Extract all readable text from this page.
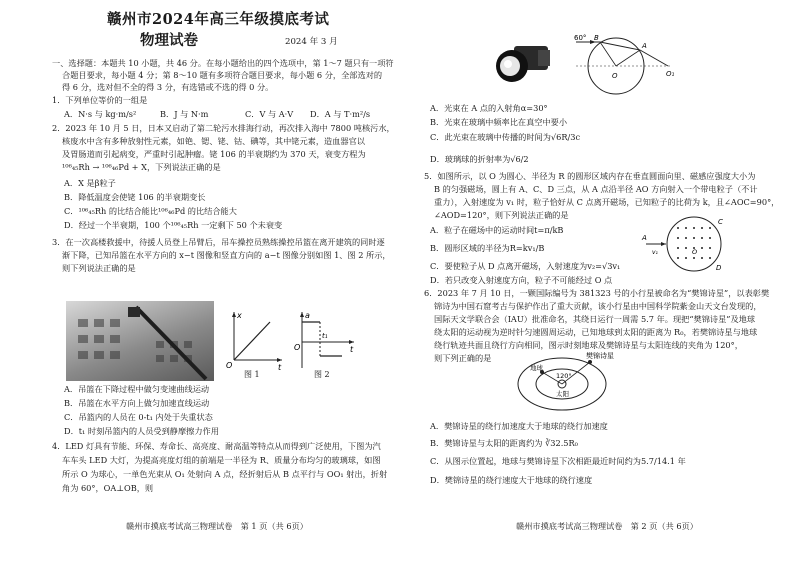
赣州市2024年高三年级摸底考试
物理试卷	2024 年 3 月

一、选择题：本题共 10 小题，共 46 分。在每小题给出的四个选项中，第 1～7 题只有一项符

合题目要求，每小题 4 分；第 8～10 题有多项符合题目要求，每小题 6 分，全部选对的

得 6 分，选对但不全的得 3 分，有选错或不选的得 0 分。

1．下列单位等价的一组是

A．N·s 与 kg·m/s²	B．J 与 N·m	C．V 与 A·V D．A 与 T·m²/s

2．2023 年 10 月 5 日，日本又启动了第二轮污水排海行动，再次排入海中 7800 吨核污水，

核废水中含有多种放射性元素，如铯、锶、铑、钴、碘等，其中铑元素，造血器官以

及胃肠道而引起病变，严重时引起肿瘤。铑 106 的半衰期约为 370 天，衰变方程为

¹⁰⁶₄₅Rh → ¹⁰⁶₄₆Pd + X，下列说法正确的是

A．X 是β粒子

B．降低温度会使铑 106 的半衰期变长

C．¹⁰⁶₄₅Rh 的比结合能比¹⁰⁶₄₆Pd 的比结合能大

D．经过一个半衰期，100 个¹⁰⁶₄₅Rh 一定剩下 50 个未衰变

3．在一次高楼救援中，待援人员登上吊臂后，吊车操控员熟练操控吊篮在离开建筑的同时逐

渐下降，已知吊篮在水平方向的 x−t 图像和竖直方向的 a−t 图像分别如图 1、图 2 所示，

则下列说法正确的是

x
t
O
图 1
a
t
O
t₁
图 2

A．吊篮在下降过程中做匀变速曲线运动

B．吊篮在水平方向上做匀加速直线运动

C．吊篮内的人员在 0-t₁ 内处于失重状态

D．t₁ 时刻吊篮内的人员受到静摩擦力作用

4．LED 灯具有节能、环保、寿命长、高亮度、耐高温等特点从而得到广泛使用，下图为汽

车车头 LED 大灯，为提高亮度灯组的前端是一半径为 R、质量分布均匀的玻璃球，如图

所示 O 为球心，一单色光束从 O₁ 处射向 A 点，经折射后从 B 点平行与 OO₁ 射出，折射

角为 60°，OA⊥OB，则

赣州市摸底考试高三物理试卷　第 1 页（共 6页）
60° B
A
O	O₁

A．光束在 A 点的入射角α=30°

B．光束在玻璃中频率比在真空中要小

C．此光束在玻璃中传播的时间为√6R/3c

D．玻璃球的折射率为√6/2

5．如图所示，以 O 为圆心、半径为 R 的圆形区域内存在垂直圆面向里、磁感应强度大小为

B 的匀强磁场，圆上有 A、C、D 三点，从 A 点沿半径 AO 方向射入一个带电粒子（不计

重力），入射速度为 v₁ 时，粒子恰好从 C 点离开磁场，已知粒子的比荷为 k，且∠AOC=90°，

∠AOD=120°，则下列说法正确的是

A．粒子在磁场中的运动时间t=π/kB

B．圆形区域的半径为R=kv₁/B

C．要使粒子从 D 点离开磁场，入射速度为v₂=√3v₁

D．若只改变入射速度方向，粒子不可能经过 O 点

A
O
C
D
v₁

6．2023 年 7 月 10 日，一颗国际编号为 381323 号的小行星被命名为“樊锦诗星”，以表彰樊

锦诗为中国石窟考古与保护作出了重大贡献，该小行星由中国科学院紫金山天文台发现的，

国际天文学联合会（IAU）批准命名，其绕日运行一周需 5.7 年。现把“樊锦诗星”及地球

绕太阳的运动视为逆时针匀速圆周运动，已知地球到太阳的距离为 R₀，若樊锦诗星与地球

绕行轨迹共面且绕行方向相同，图示时刻地球及樊锦诗星与太阳连线的夹角为 120°，

则下列正确的是	樊锦诗星
地球
太阳
120°

A．樊锦诗星的绕行加速度大于地球的绕行加速度

B．樊锦诗星与太阳的距离约为 ∛32.5R₀

C．从图示位置起，地球与樊锦诗星下次相距最近时间约为5.7/14.1 年

D．樊锦诗星的绕行速度大于地球的绕行速度

赣州市摸底考试高三物理试卷　第 2 页（共 6页）
